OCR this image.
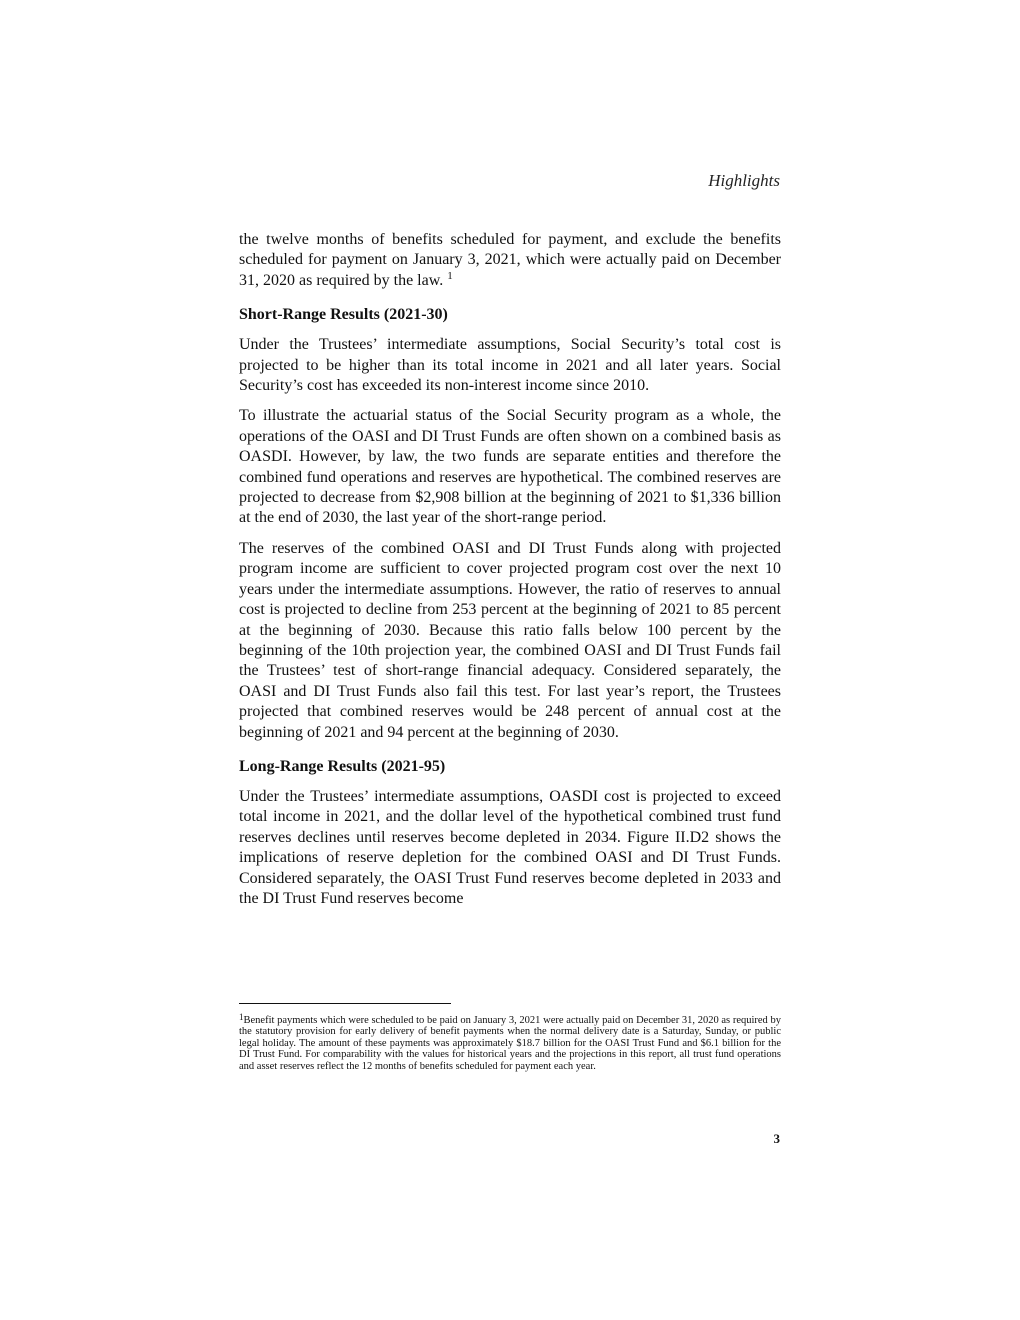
Highlights

the twelve months of benefits scheduled for payment, and exclude the benefits scheduled for payment on January 3, 2021, which were actually paid on December 31, 2020 as required by the law. $^1$

Short-Range Results (2021-30)

Under the Trustees’ intermediate assumptions, Social Security’s total cost is projected to be higher than its total income in 2021 and all later years. Social Security’s cost has exceeded its non-interest income since 2010.

To illustrate the actuarial status of the Social Security program as a whole, the operations of the OASI and DI Trust Funds are often shown on a combined basis as OASDI. However, by law, the two funds are separate entities and therefore the combined fund operations and reserves are hypothetical. The combined reserves are projected to decrease from $2,908 billion at the beginning of 2021 to $1,336 billion at the end of 2030, the last year of the short-range period.

The reserves of the combined OASI and DI Trust Funds along with projected program income are sufficient to cover projected program cost over the next 10 years under the intermediate assumptions. However, the ratio of reserves to annual cost is projected to decline from 253 percent at the beginning of 2021 to 85 percent at the beginning of 2030. Because this ratio falls below 100 percent by the beginning of the 10th projection year, the combined OASI and DI Trust Funds fail the Trustees’ test of short-range financial adequacy. Considered separately, the OASI and DI Trust Funds also fail this test. For last year’s report, the Trustees projected that combined reserves would be 248 percent of annual cost at the beginning of 2021 and 94 percent at the beginning of 2030.

Long-Range Results (2021-95)

Under the Trustees’ intermediate assumptions, OASDI cost is projected to exceed total income in 2021, and the dollar level of the hypothetical combined trust fund reserves declines until reserves become depleted in 2034. Figure II.D2 shows the implications of reserve depletion for the combined OASI and DI Trust Funds. Considered separately, the OASI Trust Fund reserves become depleted in 2033 and the DI Trust Fund reserves become

$^1$Benefit payments which were scheduled to be paid on January 3, 2021 were actually paid on December 31, 2020 as required by the statutory provision for early delivery of benefit payments when the normal delivery date is a Saturday, Sunday, or public legal holiday. The amount of these payments was approximately $18.7 billion for the OASI Trust Fund and $6.1 billion for the DI Trust Fund. For comparability with the values for historical years and the projections in this report, all trust fund operations and asset reserves reflect the 12 months of benefits scheduled for payment each year.
3
